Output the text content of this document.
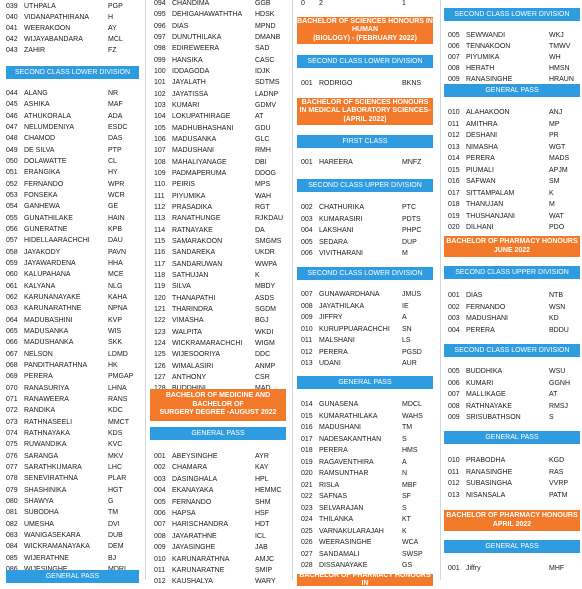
039 UTHPALA	PGP
040 VIDANAPATHIRANA	H
041 WEERAKOON	AY
042 WIJAYABANDARA	MCL
043 ZAHIR	FZ
SECOND CLASS LOWER DIVISION
044 ALANG	NR
045 ASHIKA	MAF
046 ATHUKORALA	ADA
047 NELUMDENIYA	ESDC
048 CHAMOD	DAS
049 DE SILVA	PTP
050 DOLAWATTE	CL
051 ERANGIKA	HY
052 FERNANDO	WPR
053 FONSEKA	WCR
054 GANHEWA	GE
055 GUNATHILAKE	HAIN
056 GUNERATNE	KPB
057 HIDELLAARACHCHI	DAU
058 JAYAKODY	PAVN
059 JAYAWARDENA	HHA
060 KALUPAHANA	MCE
061 KALYANA	NLG
062 KARUNANAYAKE	KAHA
063 KARUNARATHNE	NPNA
064 MADUBASHINI	KVP
065 MADUSANKA	WIS
066 MADUSHANKA	SKK
067 NELSON	LDMD
068 PANDITHARATHNA	HK
069 PERERA	PMGAP
070 RANASURIYA	LHNA
071 RANAWEERA	RANS
072 RANDIKA	KDC
073 RATHNASEELI	MMCT
074 RATHNAYAKA	KDS
075 RUWANDIKA	KVC
076 SARANGA	MKV
077 SARATHKUMARA	LHC
078 SENEVIRATHNA	PLAR
079 SHASHINIKA	HGT
080 SHAWYA	G
081 SUBODHA	TM
082 UMESHA	DVI
083 WANIGASEKARA	DUB
084 WICKRAMANAYAKA	DEM
085 WIJERATHNE	BJ
GENERAL PASS
094 CHANDIMA	GGB
095 DEHIGAHAWATHTHA HDSK
096 DIAS	MPND
097 DUNUTHILAKA	DMANB
098 EDIREWEERA	SAD
099 HANSIKA	CASC
100 IDDAGODA	IDJK
101 JAYALATH	SDTMS
102 JAYATISSA	LADNP
103 KUMARI	GDMV
104 LOKUPATHIRAGE	AT
105 MADHUBHASHANI	GDU
106 MADUSANKA	GLC
107 MADUSHANI	RMH
108 MAHALIYANAGE	DBI
109 PADMAPERUMA	DDOG
110 PEIRIS	MPS
111 PIYUMIKA	WAH
112 PRASADIKA	RGT
113 RANATHUNGE	RJKDAU
114 RATNAYAKE	DA
115 SAMARAKOON	SMGMS
116 SANDAREKA	UKDR
117 SANDARUWAN	WWPA
118 SATHUJAN	K
119 SILVA	MBDY
120 THANAPATHI	ASDS
121 THARINDRA	SGDM
122 VIMASHA	BGJ
123 WALPITA	WKDI
124 WICKRAMARACHCHI WIGM
125 WIJESOORIYA	DDC
126 WIMALASIRI	ANMP
127 ANTHONY	CSR
BACHELOR OF MEDICINE AND
BACHELOR OF
SURGERY DEGREE -AUGUST 2022
GENERAL PASS
001 ABEYSINGHE	AYR
002 CHAMARA	KAY
003 DASINGHALA	HPL
004 EKANAYAKA	HEMMC
005 FERNANDO	SHM
006 HAPSA	HSF
007 HARISCHANDRA	HDT
008 JAYARATHNE	ICL
009 JAYASINGHE	JAB
010 KARUNARATHNA	AMJC
011 KARUNARATNE	SMIP
012 KAUSHALYA	WARY
0 2	1
BACHELOR OF SCIENCES HONOURS IN
HUMAN
(BIOLOGY) - (FEBRUARY 2022)
SECOND CLASS LOWER DIVISION
001 RODRIGO	BKNS
BACHELOR OF SCIENCES HONOURS
IN MEDICAL LABORATORY SCIENCES-
(APRIL 2022)
FIRST CLASS
001 HAREERA	MNFZ
SECOND CLASS UPPER DIVISION
002 CHATHURIKA	PTC
003 KUMARASIRI	PDTS
004 LAKSHANI	PHPC
005 SEDARA	DUP
006 VIVITHARANI	M
SECOND CLASS LOWER DIVISION
007 GUNAWARDHANA	JMUS
008 JAYATHILAKA	IE
009 JIFFRY	A
010 KURUPPUARACHCHI SN
011 MALSHANI	LS
012 PERERA	PGSD
013 UDANI	AUR
GENERAL PASS
014 GUNASENA	MDCL
015 KUMARATHILAKA	WAHS
016 MADUSHANI	TM
017 NADESAKANTHAN	S
018 PERERA	HMS
019 RAGAVENTHIRA	A
020 RAMSUNTHAR	N
021 RISLA	MBF
022 SAFNAS	SF
023 SELVARAJAN	S
024 THILANKA	KT
025 VARNAKULARAJAH	K
026 WEERASINGHE	WCA
027 SANDAMALI	SWSP
028 DISSANAYAKE	GS
BACHELOR OF PHARMACY HONOURS IN
SECOND CLASS LOWER DIVISION
005 SEWWANDI	WKJ
006 TENNAKOON	TMWV
007 PIYUMIKA	WH
008 HERATH	HMSN
009 RANASINGHE	HRAUN
GENERAL PASS
010 ALAHAKOON	ANJ
011 AMITHRA	MP
012 DESHANI	PR
013 NIMASHA	WGT
014 PERERA	MADS
015 PIUMALI	APJM
016 SAFWAN	SM
017 SITTAMPALAM	K
018 THANUJAN	M
019 THUSHANJANI	WAT
020 DILHANI	PDO
BACHELOR OF PHARMACY HONOURS
JUNE 2022
SECOND CLASS UPPER DIVISION
001 DIAS	NTB
002 FERNANDO	WSN
003 MADUSHANI	KD
004 PERERA	BDDU
SECOND CLASS LOWER DIVISION
005 BUDDHIKA	WSU
006 KUMARI	GGNH
007 MALLIKAGE	AT
008 RATHNAYAKE	RMSJ
009 SRISUBATHSON	S
GENERAL PASS
010 PRABODHA	KGD
011 RANASINGHE	RAS
012 SUBASINGHA	VVRP
013 NISANSALA	PATM
BACHELOR OF PHARMACY HONOURS
APRIL 2022
GENERAL PASS
001 Jiffry	MHF
